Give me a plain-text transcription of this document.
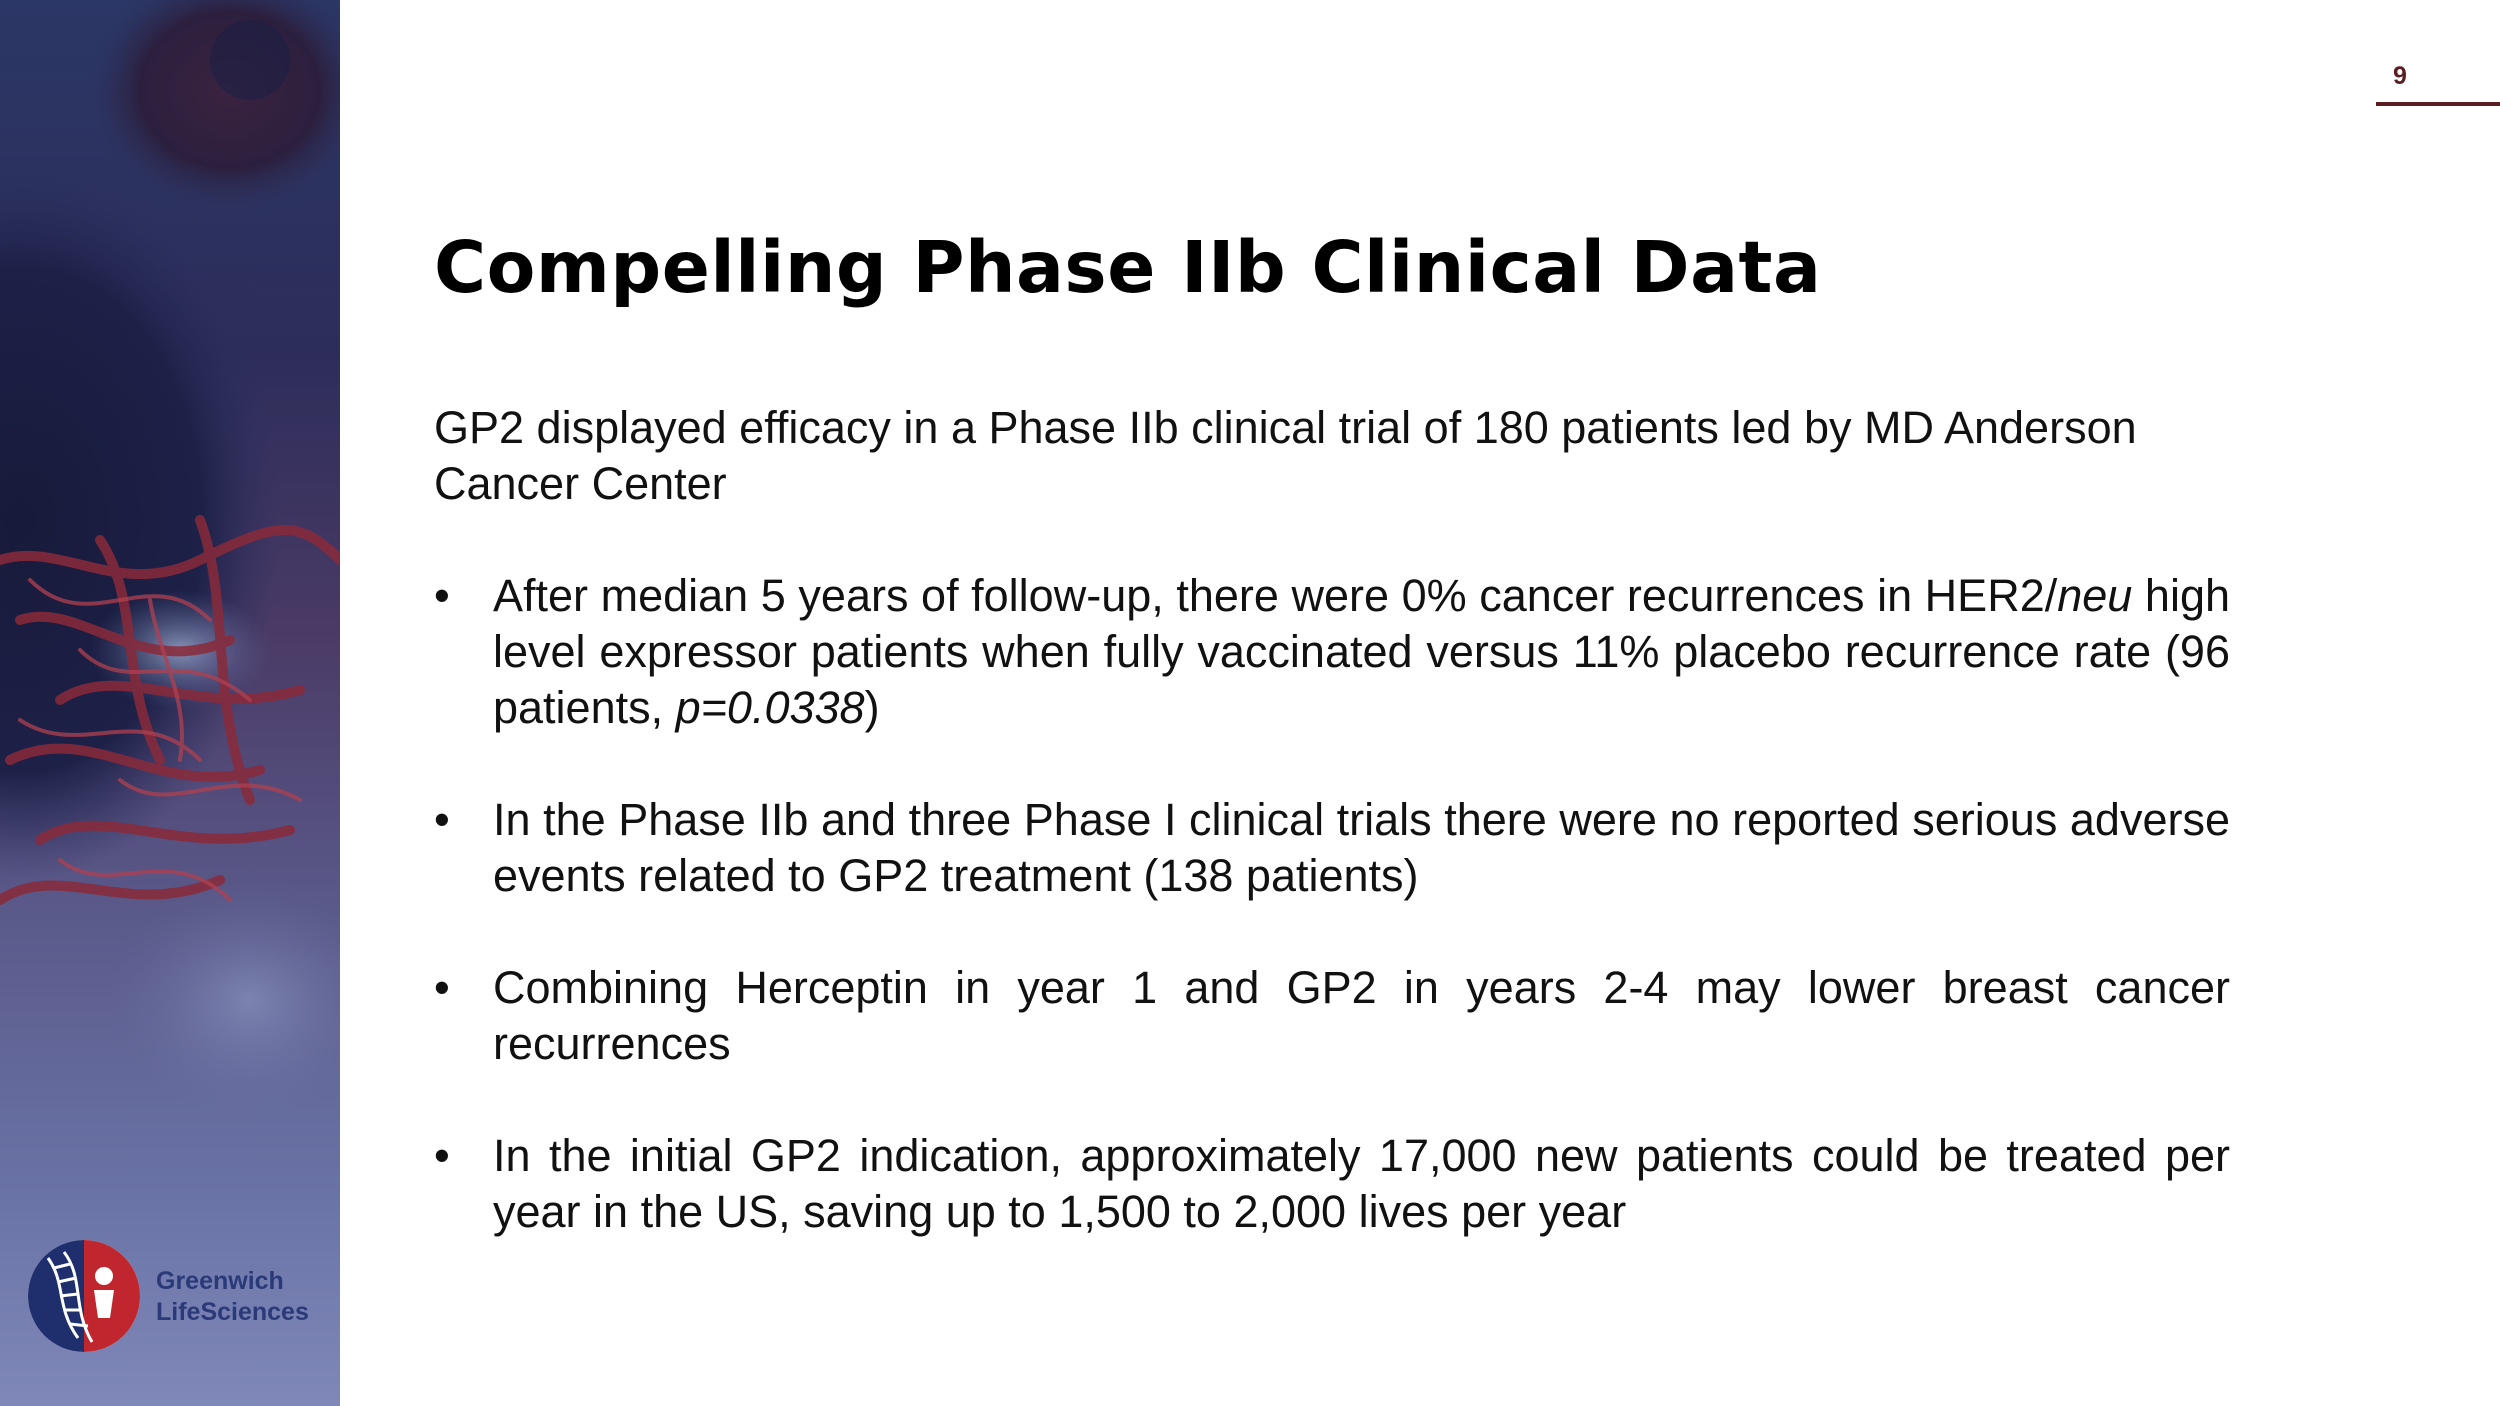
Greenwich
LifeSciences
9
Compelling Phase IIb Clinical Data

GP2 displayed efficacy in a Phase IIb clinical trial of 180 patients led by MD Anderson Cancer Center

• After median 5 years of follow-up, there were 0% cancer recurrences in HER2/neu high level expressor patients when fully vaccinated versus 11% placebo recurrence rate (96 patients, p=0.0338)
• In the Phase IIb and three Phase I clinical trials there were no reported serious adverse events related to GP2 treatment (138 patients)
• Combining Herceptin in year 1 and GP2 in years 2-4 may lower breast cancer recurrences
• In the initial GP2 indication, approximately 17,000 new patients could be treated per year in the US, saving up to 1,500 to 2,000 lives per year
